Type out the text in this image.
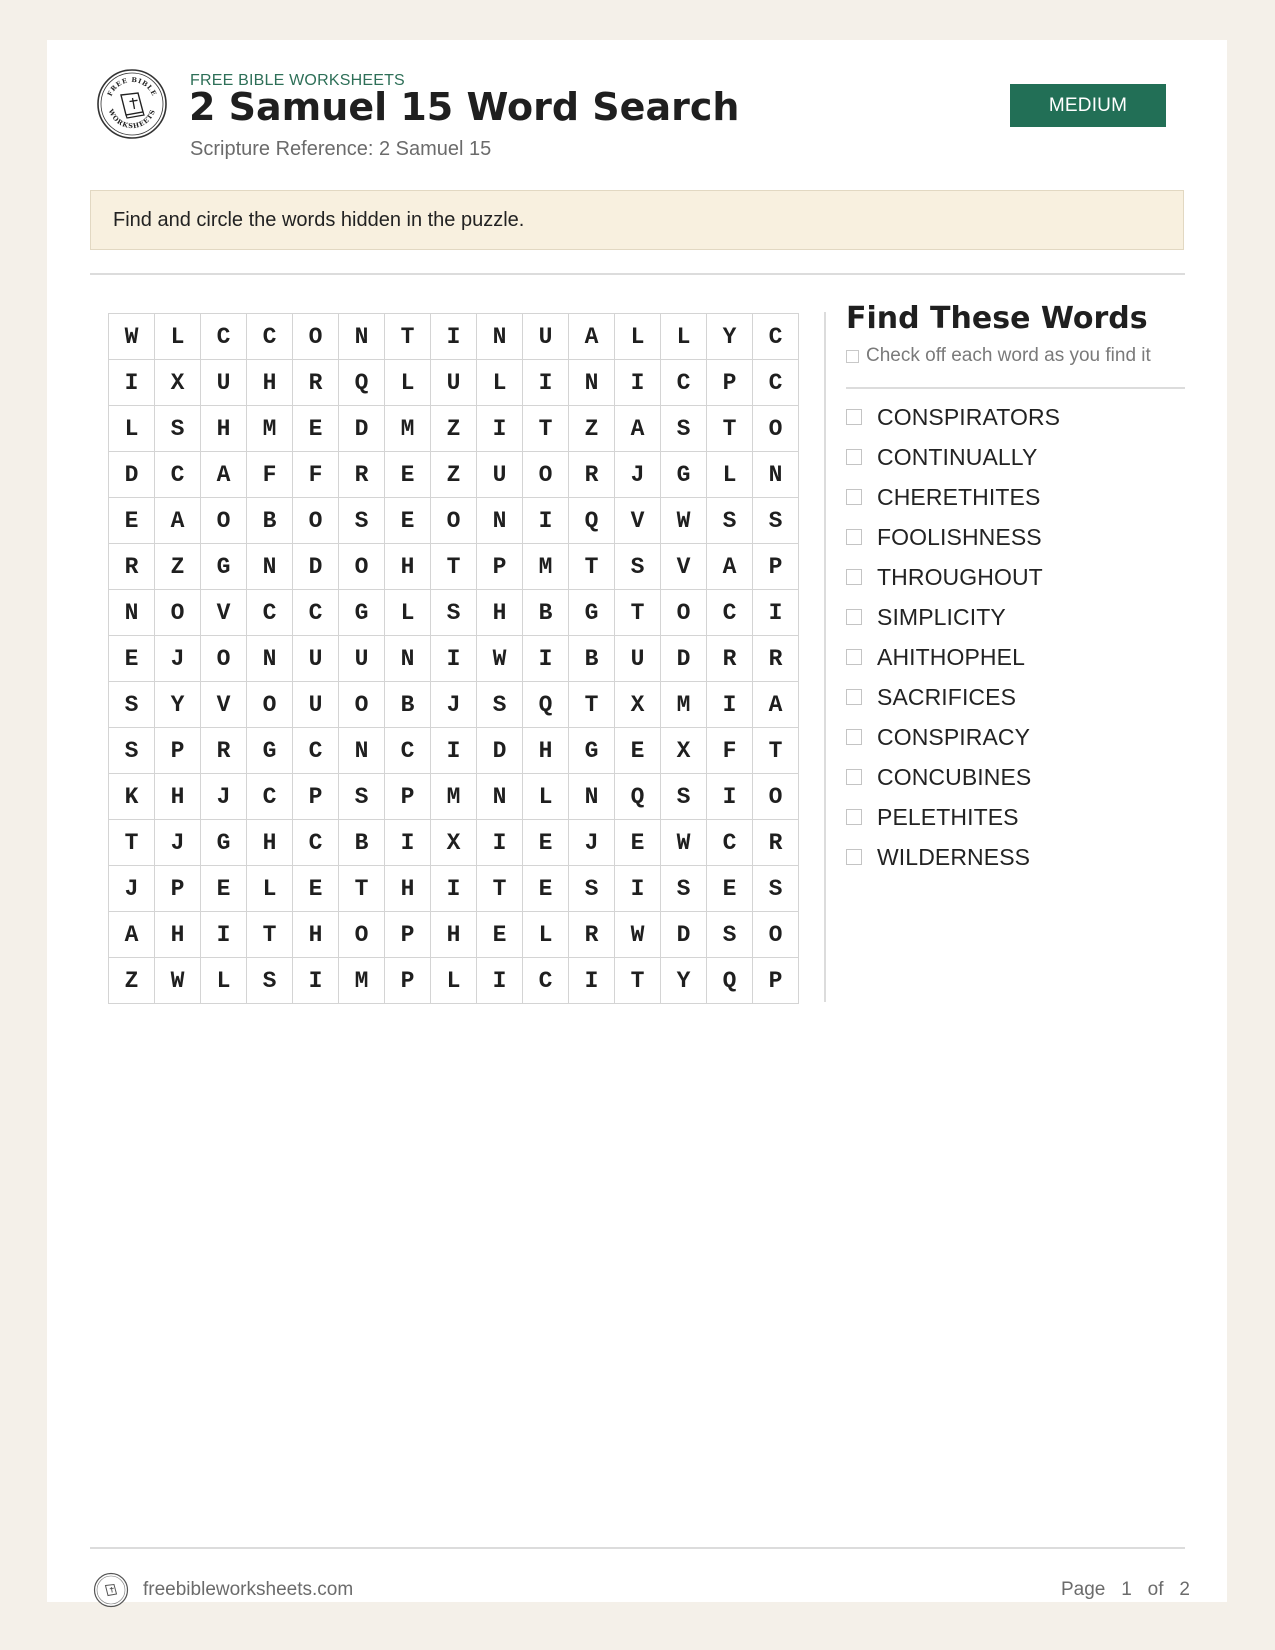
FREE BIBLE
WORKSHEETS
FREE BIBLE WORKSHEETS
2 Samuel 15 Word Search
Scripture Reference: 2 Samuel 15
MEDIUM
Find and circle the words hidden in the puzzle.
W	L	C	C	O	N	T	I	N	U	A	L	L	Y	C
I	X	U	H	R	Q	L	U	L	I	N	I	C	P	C
L	S	H	M	E	D	M	Z	I	T	Z	A	S	T	O
D	C	A	F	F	R	E	Z	U	O	R	J	G	L	N
E	A	O	B	O	S	E	O	N	I	Q	V	W	S	S
R	Z	G	N	D	O	H	T	P	M	T	S	V	A	P
N	O	V	C	C	G	L	S	H	B	G	T	O	C	I
E	J	O	N	U	U	N	I	W	I	B	U	D	R	R
S	Y	V	O	U	O	B	J	S	Q	T	X	M	I	A
S	P	R	G	C	N	C	I	D	H	G	E	X	F	T
K	H	J	C	P	S	P	M	N	L	N	Q	S	I	O
T	J	G	H	C	B	I	X	I	E	J	E	W	C	R
J	P	E	L	E	T	H	I	T	E	S	I	S	E	S
A	H	I	T	H	O	P	H	E	L	R	W	D	S	O
Z	W	L	S	I	M	P	L	I	C	I	T	Y	Q	P
Find These Words
Check off each word as you find it
CONSPIRATORS
CONTINUALLY
CHERETHITES
FOOLISHNESS
THROUGHOUT
SIMPLICITY
AHITHOPHEL
SACRIFICES
CONSPIRACY
CONCUBINES
PELETHITES
WILDERNESS
freebibleworksheets.com	Page 1 of 2
